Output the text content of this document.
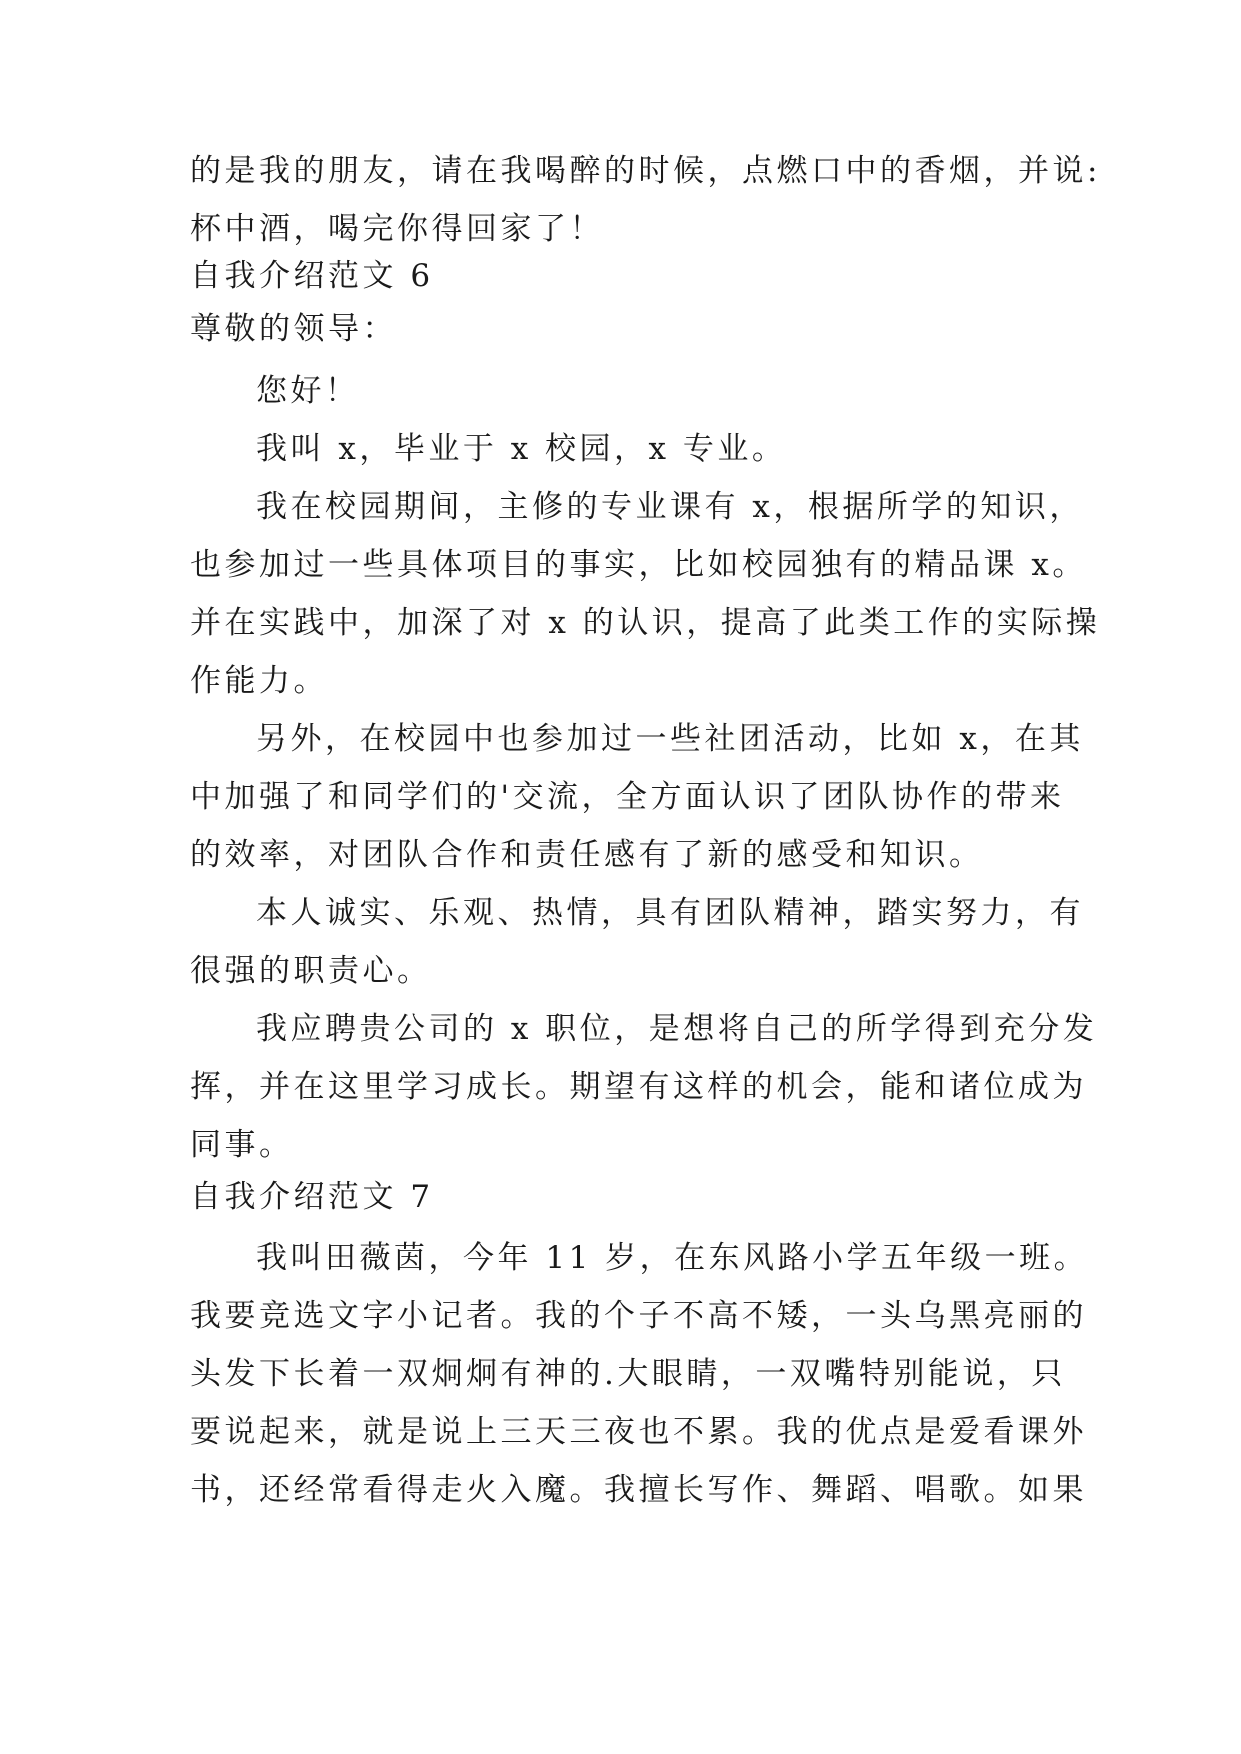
的是我的朋友，请在我喝醉的时候，点燃口中的香烟，并说:
杯中酒，喝完你得回家了！
自我介绍范文 6
尊敬的领导：
您好！
我叫 x，毕业于 x 校园，x 专业。
我在校园期间，主修的专业课有 x，根据所学的知识，
也参加过一些具体项目的事实，比如校园独有的精品课 x。
并在实践中，加深了对 x 的认识，提高了此类工作的实际操
作能力。
另外，在校园中也参加过一些社团活动，比如 x，在其
中加强了和同学们的'交流，全方面认识了团队协作的带来
的效率，对团队合作和责任感有了新的感受和知识。
本人诚实、乐观、热情，具有团队精神，踏实努力，有
很强的职责心。
我应聘贵公司的 x 职位，是想将自己的所学得到充分发
挥，并在这里学习成长。期望有这样的机会，能和诸位成为
同事。
自我介绍范文 7
我叫田薇茵，今年 11 岁，在东风路小学五年级一班。
我要竞选文字小记者。我的个子不高不矮，一头乌黑亮丽的
头发下长着一双炯炯有神的.大眼睛，一双嘴特别能说，只
要说起来，就是说上三天三夜也不累。我的优点是爱看课外
书，还经常看得走火入魔。我擅长写作、舞蹈、唱歌。如果
